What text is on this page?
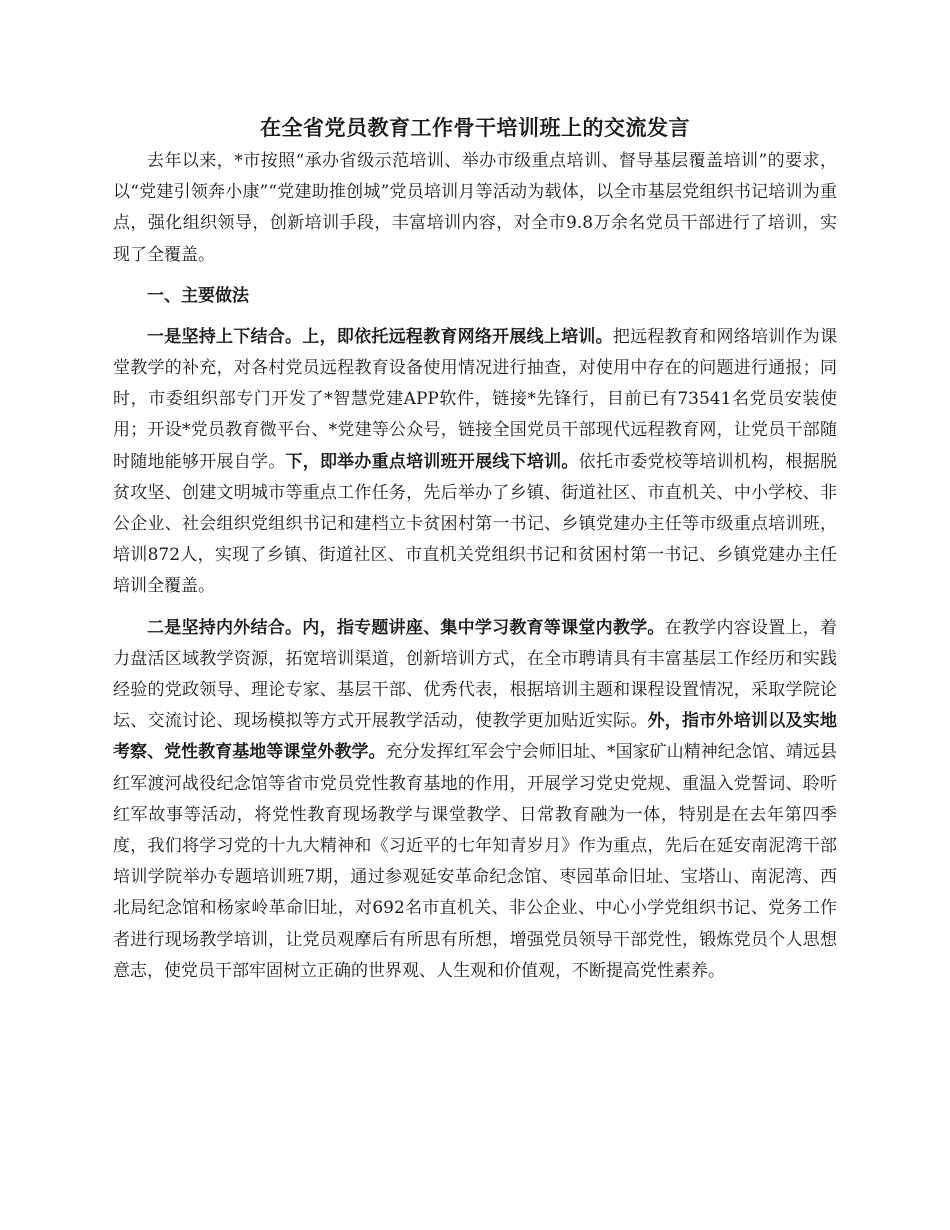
在全省党员教育工作骨干培训班上的交流发言

去年以来，*市按照“承办省级示范培训、举办市级重点培训、督导基层覆盖培训”的要求，以“党建引领奔小康”“党建助推创城”党员培训月等活动为载体，以全市基层党组织书记培训为重点，强化组织领导，创新培训手段，丰富培训内容，对全市9.8万余名党员干部进行了培训，实现了全覆盖。

一、主要做法

一是坚持上下结合。上，即依托远程教育网络开展线上培训。把远程教育和网络培训作为课堂教学的补充，对各村党员远程教育设备使用情况进行抽查，对使用中存在的问题进行通报；同时，市委组织部专门开发了*智慧党建APP软件，链接*先锋行，目前已有73541名党员安装使用；开设*党员教育微平台、*党建等公众号，链接全国党员干部现代远程教育网，让党员干部随时随地能够开展自学。下，即举办重点培训班开展线下培训。依托市委党校等培训机构，根据脱贫攻坚、创建文明城市等重点工作任务，先后举办了乡镇、街道社区、市直机关、中小学校、非公企业、社会组织党组织书记和建档立卡贫困村第一书记、乡镇党建办主任等市级重点培训班，培训872人，实现了乡镇、街道社区、市直机关党组织书记和贫困村第一书记、乡镇党建办主任培训全覆盖。

二是坚持内外结合。内，指专题讲座、集中学习教育等课堂内教学。在教学内容设置上，着力盘活区域教学资源，拓宽培训渠道，创新培训方式，在全市聘请具有丰富基层工作经历和实践经验的党政领导、理论专家、基层干部、优秀代表，根据培训主题和课程设置情况，采取学院论坛、交流讨论、现场模拟等方式开展教学活动，使教学更加贴近实际。外，指市外培训以及实地考察、党性教育基地等课堂外教学。充分发挥红军会宁会师旧址、*国家矿山精神纪念馆、靖远县红军渡河战役纪念馆等省市党员党性教育基地的作用，开展学习党史党规、重温入党誓词、聆听红军故事等活动，将党性教育现场教学与课堂教学、日常教育融为一体，特别是在去年第四季度，我们将学习党的十九大精神和《习近平的七年知青岁月》作为重点，先后在延安南泥湾干部培训学院举办专题培训班7期，通过参观延安革命纪念馆、枣园革命旧址、宝塔山、南泥湾、西北局纪念馆和杨家岭革命旧址，对692名市直机关、非公企业、中心小学党组织书记、党务工作者进行现场教学培训，让党员观摩后有所思有所想，增强党员领导干部党性，锻炼党员个人思想意志，使党员干部牢固树立正确的世界观、人生观和价值观，不断提高党性素养。
